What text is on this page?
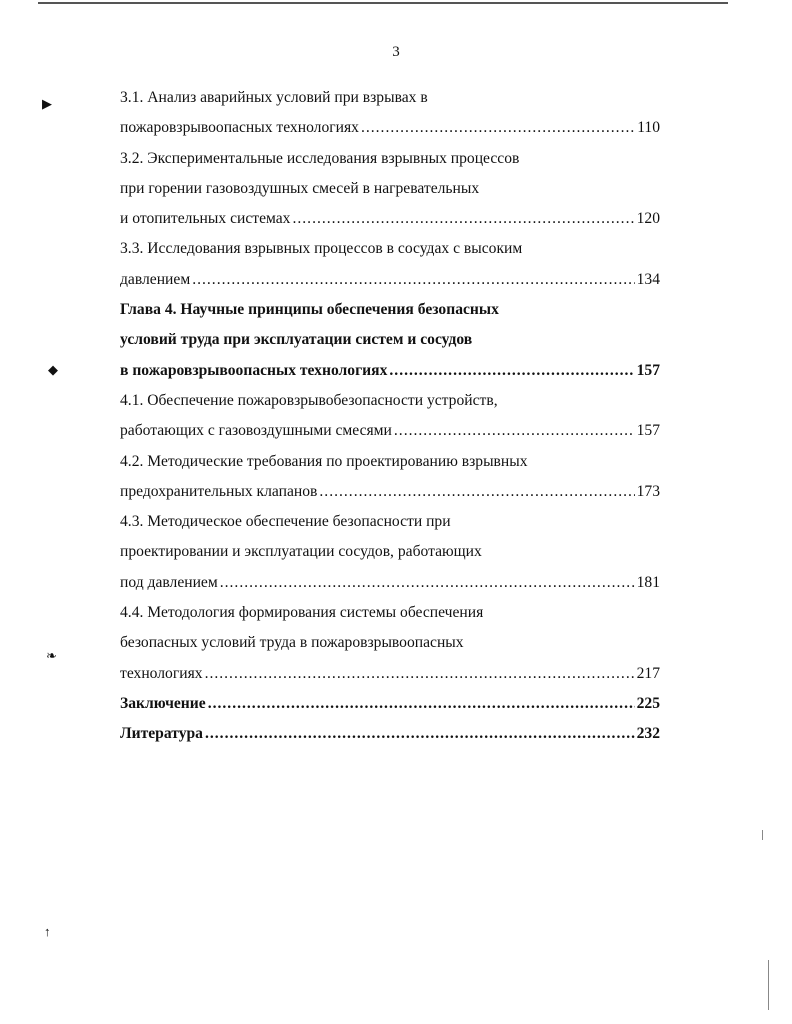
3
3.1. Анализ аварийных условий при взрывах в
пожаровзрывоопасных технологиях .....	110
3.2. Экспериментальные исследования взрывных процессов
при горении газовоздушных смесей в нагревательных
и отопительных системах .....	120
3.3. Исследования взрывных процессов в сосудах с высоким
давлением .....	134
Глава 4. Научные принципы обеспечения безопасных
условий труда при эксплуатации систем и сосудов
в пожаровзрывоопасных технологиях .....	157
4.1. Обеспечение пожаровзрывобезопасности устройств,
работающих с газовоздушными смесями .....	157
4.2. Методические требования по проектированию взрывных
предохранительных клапанов .....	173
4.3. Методическое обеспечение безопасности при
проектировании и эксплуатации сосудов, работающих
под давлением .....	181
4.4. Методология формирования системы обеспечения
безопасных условий труда в пожаровзрывоопасных
технологиях .....	217
Заключение .....	225
Литература .....	232
▶
◆
❧
↑
